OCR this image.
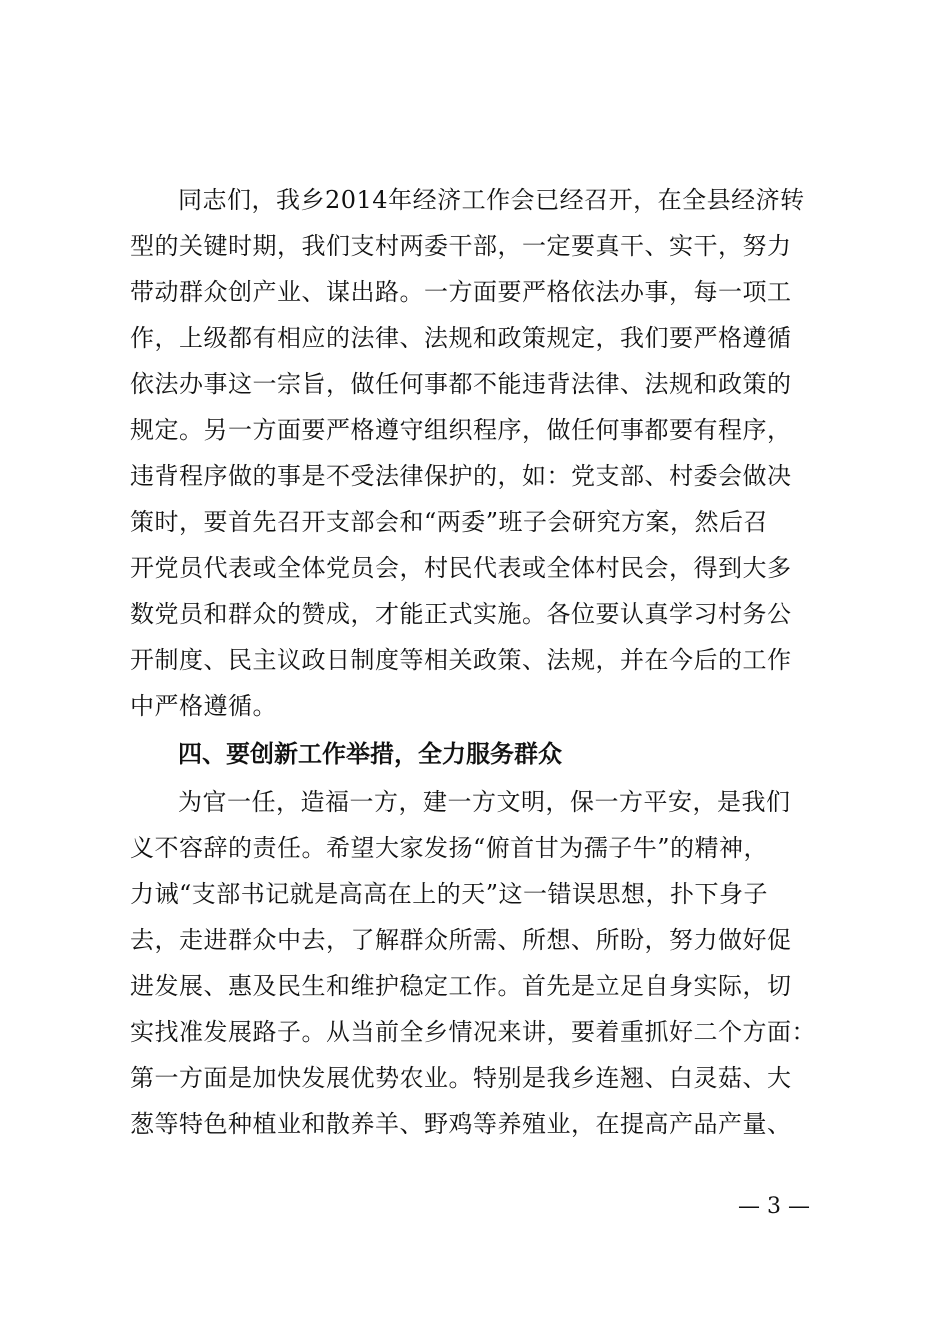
同志们，我乡2014年经济工作会已经召开，在全县经济转
型的关键时期，我们支村两委干部，一定要真干、实干，努力
带动群众创产业、谋出路。一方面要严格依法办事，每一项工
作，上级都有相应的法律、法规和政策规定，我们要严格遵循
依法办事这一宗旨，做任何事都不能违背法律、法规和政策的
规定。另一方面要严格遵守组织程序，做任何事都要有程序，
违背程序做的事是不受法律保护的，如：党支部、村委会做决
策时，要首先召开支部会和“两委”班子会研究方案，然后召
开党员代表或全体党员会，村民代表或全体村民会，得到大多
数党员和群众的赞成，才能正式实施。各位要认真学习村务公
开制度、民主议政日制度等相关政策、法规，并在今后的工作
中严格遵循。
四、要创新工作举措，全力服务群众
为官一任，造福一方，建一方文明，保一方平安，是我们
义不容辞的责任。希望大家发扬“俯首甘为孺子牛”的精神，
力诫“支部书记就是高高在上的天”这一错误思想，扑下身子
去，走进群众中去，了解群众所需、所想、所盼，努力做好促
进发展、惠及民生和维护稳定工作。首先是立足自身实际，切
实找准发展路子。从当前全乡情况来讲，要着重抓好二个方面：
第一方面是加快发展优势农业。特别是我乡连翘、白灵菇、大
葱等特色种植业和散养羊、野鸡等养殖业，在提高产品产量、
— 3 —
